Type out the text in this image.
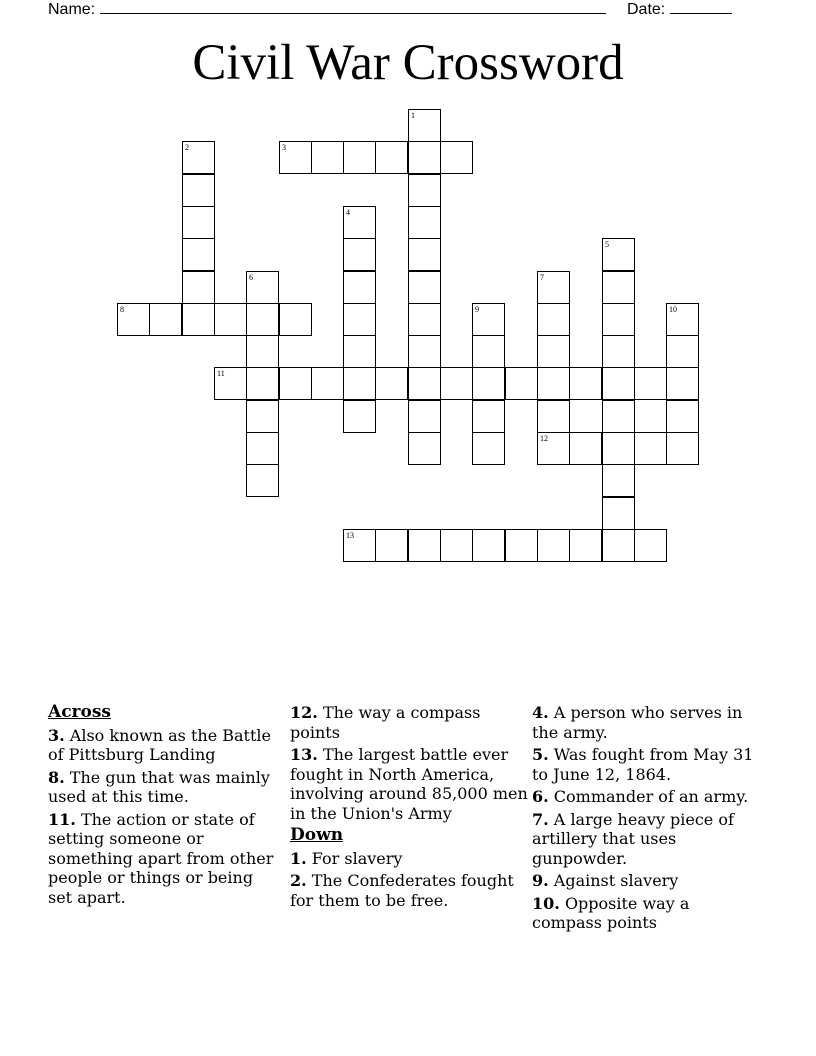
Name:	Date:
Civil War Crossword
1
2	3
4
5
6	7
12
8	9	10
11
13
Across
3. Also known as the Battle of Pittsburg Landing
8. The gun that was mainly used at this time.
11. The action or state of setting someone or something apart from other people or things or being set apart.
12. The way a compass points
13. The largest battle ever fought in North America, involving around 85,000 men in the Union's Army
Down
1. For slavery
2. The Confederates fought for them to be free.
4. A person who serves in the army.
5. Was fought from May 31 to June 12, 1864.
6. Commander of an army.
7. A large heavy piece of artillery that uses gunpowder.
9. Against slavery
10. Opposite way a compass points
